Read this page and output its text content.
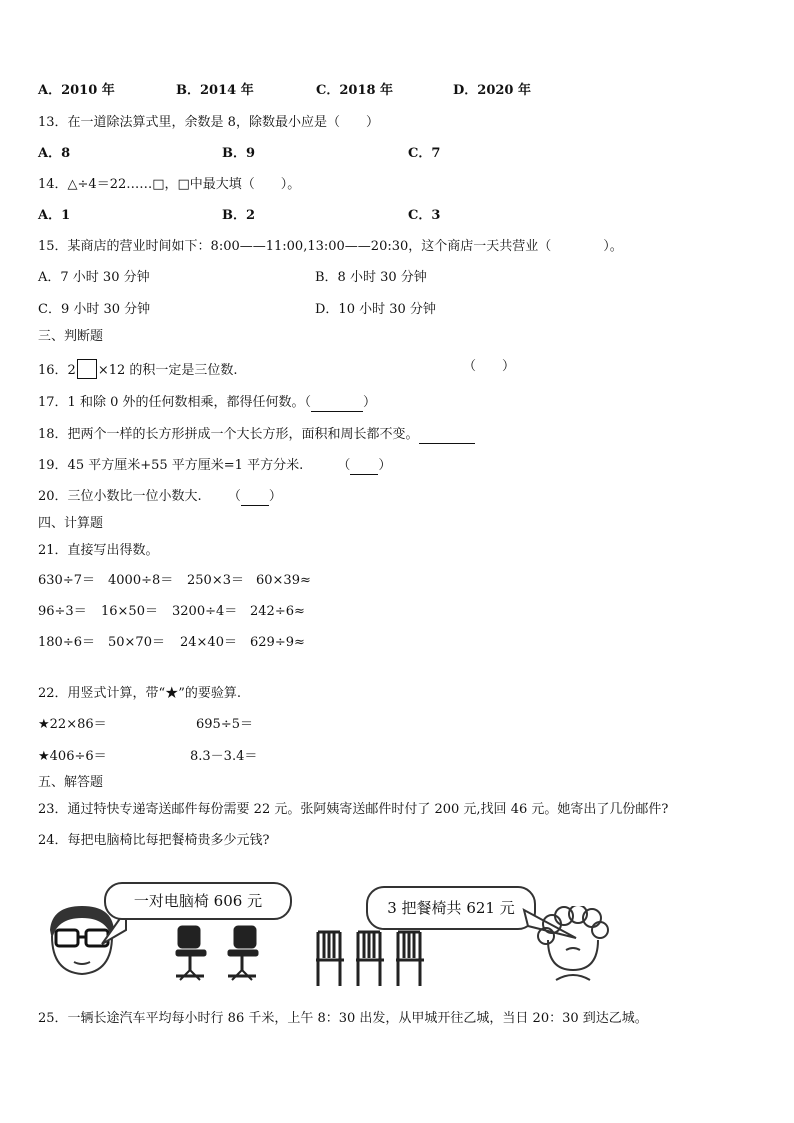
A．2010 年	B．2014 年	C．2018 年	D．2020 年
13．在一道除法算式里，余数是 8，除数最小应是（　　）
A．8	B．9	C．7
14．△÷4＝22……□，□中最大填（　　）。
A．1	B．2	C．3
15．某商店的营业时间如下：8:00——11:00,13:00——20:30，这个商店一天共营业（　　　　）。
A．7 小时 30 分钟	B．8 小时 30 分钟
C．9 小时 30 分钟	D．10 小时 30 分钟
三、判断题
16．2 ×12 的积一定是三位数.	（　　）
17．1 和除 0 外的任何数相乘，都得任何数。（	）
18．把两个一样的长方形拼成一个大长方形，面积和周长都不变。
19．45 平方厘米+55 平方厘米=1 平方分米.	（ ）
20．三位小数比一位小数大. （ ）
四、计算题
21．直接写出得数。
630÷7＝ 4000÷8＝ 250×3＝ 60×39≈
96÷3＝ 16×50＝ 3200÷4＝ 242÷6≈
180÷6＝ 50×70＝ 24×40＝ 629÷9≈
22．用竖式计算，带“★”的要验算.
★22×86＝	695÷5＝
★406÷6＝	8.3－3.4＝
五、解答题
23．通过特快专递寄送邮件每份需要 22 元。张阿姨寄送邮件时付了 200 元,找回 46 元。她寄出了几份邮件?
24．每把电脑椅比每把餐椅贵多少元钱?
一对电脑椅 606 元	3 把餐椅共 621 元
25．一辆长途汽车平均每小时行 86 千米，上午 8：30 出发，从甲城开往乙城，当日 20：30 到达乙城。
